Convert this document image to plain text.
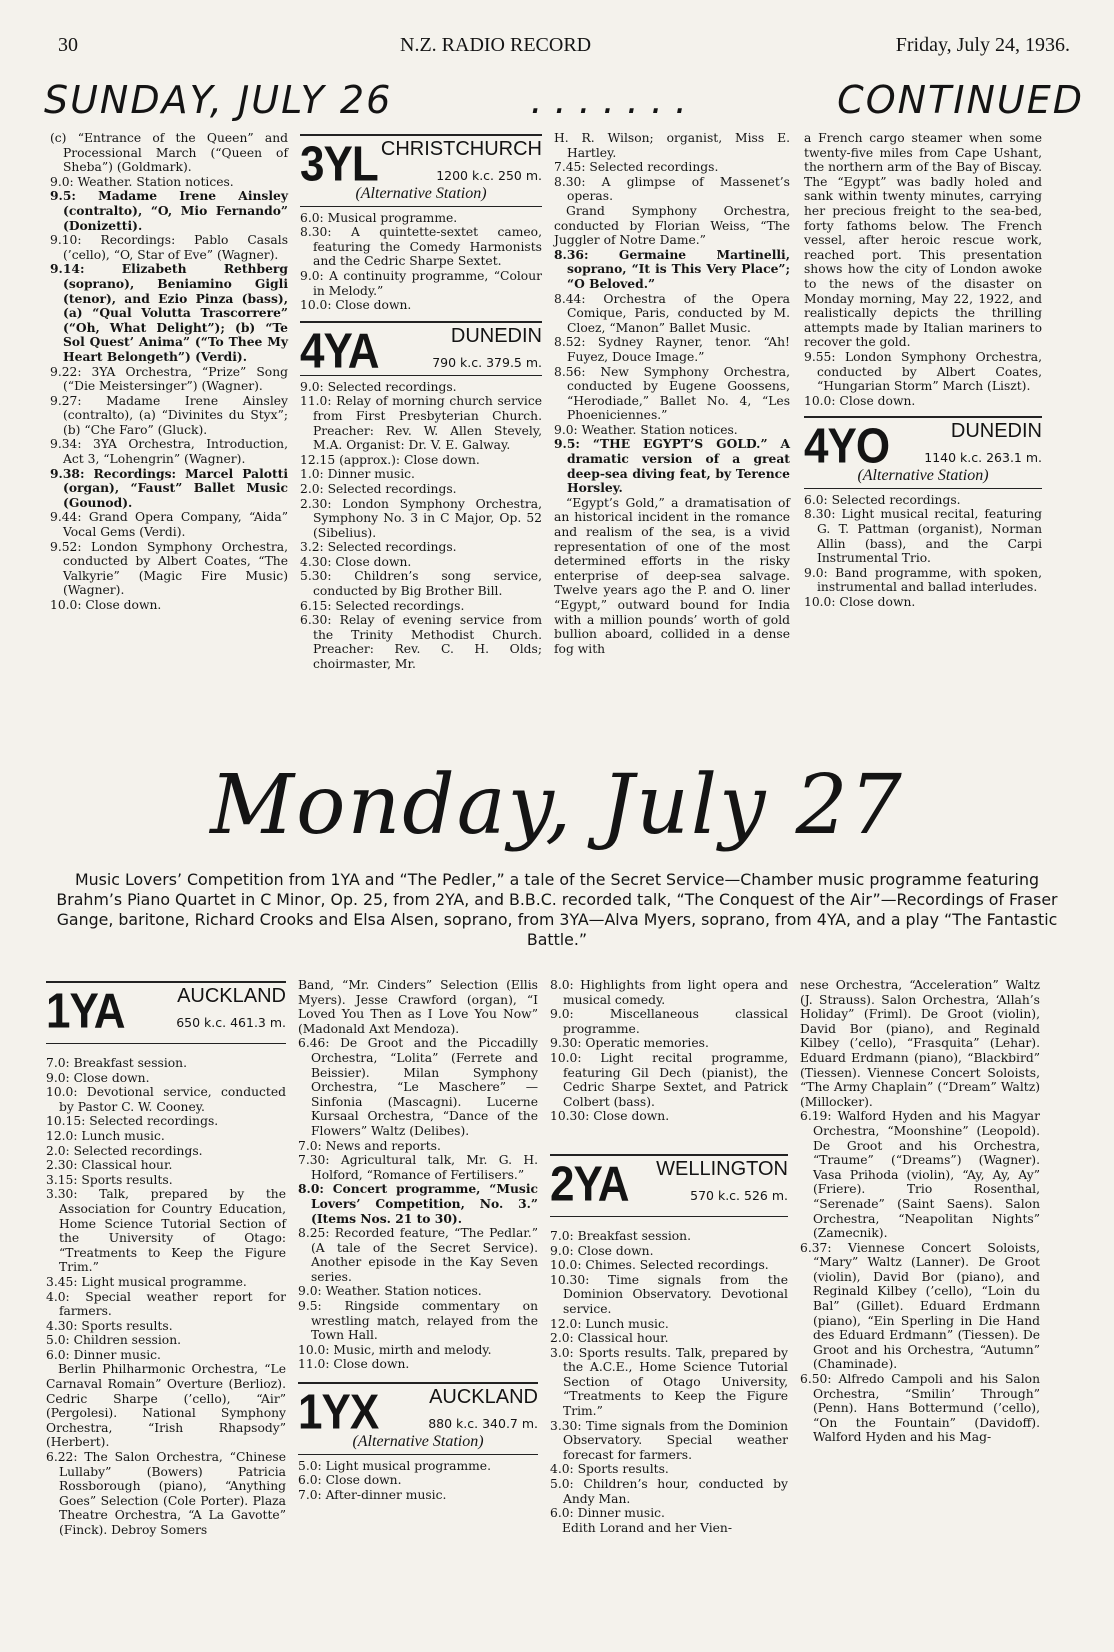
30	N.Z. RADIO RECORD	Friday, July 24, 1936.
SUNDAY, JULY 26	.......	CONTINUED

(c) “Entrance of the Queen” and Processional March (“Queen of Sheba”) (Goldmark).

9.0: Weather. Station notices.

9.5: Madame Irene Ainsley (contralto), “O, Mio Fernando” (Donizetti).

9.10: Recordings: Pablo Casals (’cello), “O, Star of Eve” (Wagner).

9.14: Elizabeth Rethberg (soprano), Beniamino Gigli (tenor), and Ezio Pinza (bass), (a) “Qual Volutta Trascorrere” (“Oh, What Delight”); (b) “Te Sol Quest’ Anima” (“To Thee My Heart Belongeth”) (Verdi).

9.22: 3YA Orchestra, “Prize” Song (“Die Meistersinger”) (Wagner).

9.27: Madame Irene Ainsley (contralto), (a) “Divinites du Styx”; (b) “Che Faro” (Gluck).

9.34: 3YA Orchestra, Introduction, Act 3, “Lohengrin” (Wagner).

9.38: Recordings: Marcel Palotti (organ), “Faust” Ballet Music (Gounod).

9.44: Grand Opera Company, “Aida” Vocal Gems (Verdi).

9.52: London Symphony Orchestra, conducted by Albert Coates, “The Valkyrie” (Magic Fire Music) (Wagner).

10.0: Close down.

3YL CHRISTCHURCH
1200 k.c. 250 m.
(Alternative Station)

6.0: Musical programme.

8.30: A quintette-sextet cameo, featuring the Comedy Harmonists and the Cedric Sharpe Sextet.

9.0: A continuity programme, “Colour in Melody.”

10.0: Close down.

4YA	DUNEDIN
790 k.c. 379.5 m.

9.0: Selected recordings.

11.0: Relay of morning church service from First Presbyterian Church. Preacher: Rev. W. Allen Stevely, M.A. Organist: Dr. V. E. Galway.

12.15 (approx.): Close down.

1.0: Dinner music.

2.0: Selected recordings.

2.30: London Symphony Orchestra, Symphony No. 3 in C Major, Op. 52 (Sibelius).

3.2: Selected recordings.

4.30: Close down.

5.30: Children’s song service, conducted by Big Brother Bill.

6.15: Selected recordings.

6.30: Relay of evening service from the Trinity Methodist Church. Preacher: Rev. C. H. Olds; choirmaster, Mr.

H. R. Wilson; organist, Miss E. Hartley.

7.45: Selected recordings.

8.30: A glimpse of Massenet’s operas.

Grand Symphony Orchestra, conducted by Florian Weiss, “The Juggler of Notre Dame.”

8.36: Germaine Martinelli, soprano, “It is This Very Place”; “O Beloved.”

8.44: Orchestra of the Opera Comique, Paris, conducted by M. Cloez, “Manon” Ballet Music.

8.52: Sydney Rayner, tenor. “Ah! Fuyez, Douce Image.”

8.56: New Symphony Orchestra, conducted by Eugene Goossens, “Herodiade,” Ballet No. 4, “Les Phoeniciennes.”

9.0: Weather. Station notices.

9.5: “THE EGYPT’S GOLD.” A dramatic version of a great deep-sea diving feat, by Terence Horsley.

“Egypt’s Gold,” a dramatisation of an historical incident in the romance and realism of the sea, is a vivid representation of one of the most determined efforts in the risky enterprise of deep-sea salvage. Twelve years ago the P. and O. liner “Egypt,” outward bound for India with a million pounds’ worth of gold bullion aboard, collided in a dense fog with

a French cargo steamer when some twenty-five miles from Cape Ushant, the northern arm of the Bay of Biscay. The “Egypt” was badly holed and sank within twenty minutes, carrying her precious freight to the sea-bed, forty fathoms below. The French vessel, after heroic rescue work, reached port. This presentation shows how the city of London awoke to the news of the disaster on Monday morning, May 22, 1922, and realistically depicts the thrilling attempts made by Italian mariners to recover the gold.

9.55: London Symphony Orchestra, conducted by Albert Coates, “Hungarian Storm” March (Liszt).

10.0: Close down.

4YO	DUNEDIN
1140 k.c. 263.1 m.
(Alternative Station)

6.0: Selected recordings.

8.30: Light musical recital, featuring G. T. Pattman (organist), Norman Allin (bass), and the Carpi Instrumental Trio.

9.0: Band programme, with spoken, instrumental and ballad interludes.

10.0: Close down.

Monday, July 27
Music Lovers’ Competition from 1YA and “The Pedler,” a tale of the Secret Service—Chamber music programme featuring Brahm’s Piano Quartet in C Minor, Op. 25, from 2YA, and B.B.C. recorded talk, “The Conquest of the Air”—Recordings of Fraser Gange, baritone, Richard Crooks and Elsa Alsen, soprano, from 3YA—Alva Myers, soprano, from 4YA, and a play “The Fantastic Battle.”
1YA	AUCKLAND
650 k.c. 461.3 m.

7.0: Breakfast session.

9.0: Close down.

10.0: Devotional service, conducted by Pastor C. W. Cooney.

10.15: Selected recordings.

12.0: Lunch music.

2.0: Selected recordings.

2.30: Classical hour.

3.15: Sports results.

3.30: Talk, prepared by the Association for Country Education, Home Science Tutorial Section of the University of Otago: “Treatments to Keep the Figure Trim.”

3.45: Light musical programme.

4.0: Special weather report for farmers.

4.30: Sports results.

5.0: Children session.

6.0: Dinner music.

Berlin Philharmonic Orchestra, “Le Carnaval Romain” Overture (Berlioz). Cedric Sharpe (’cello), “Air” (Pergolesi). National Symphony Orchestra, “Irish Rhapsody” (Herbert).

6.22: The Salon Orchestra, “Chinese Lullaby” (Bowers) Patricia Rossborough (piano), “Anything Goes” Selection (Cole Porter). Plaza Theatre Orchestra, “A La Gavotte” (Finck). Debroy Somers

Band, “Mr. Cinders” Selection (Ellis Myers). Jesse Crawford (organ), “I Loved You Then as I Love You Now” (Madonald Axt Mendoza).

6.46: De Groot and the Piccadilly Orchestra, “Lolita” (Ferrete and Beissier). Milan Symphony Orchestra, “Le Maschere” — Sinfonia (Mascagni). Lucerne Kursaal Orchestra, “Dance of the Flowers” Waltz (Delibes).

7.0: News and reports.

7.30: Agricultural talk, Mr. G. H. Holford, “Romance of Fertilisers.”

8.0: Concert programme, “Music Lovers’ Competition, No. 3.” (Items Nos. 21 to 30).

8.25: Recorded feature, “The Pedlar.” (A tale of the Secret Service). Another episode in the Kay Seven series.

9.0: Weather. Station notices.

9.5: Ringside commentary on wrestling match, relayed from the Town Hall.

10.0: Music, mirth and melody.

11.0: Close down.

1YX	AUCKLAND
880 k.c. 340.7 m.
(Alternative Station)

5.0: Light musical programme.

6.0: Close down.

7.0: After-dinner music.

8.0: Highlights from light opera and musical comedy.

9.0: Miscellaneous classical programme.

9.30: Operatic memories.

10.0: Light recital programme, featuring Gil Dech (pianist), the Cedric Sharpe Sextet, and Patrick Colbert (bass).

10.30: Close down.

2YA WELLINGTON
570 k.c. 526 m.

7.0: Breakfast session.

9.0: Close down.

10.0: Chimes. Selected recordings.

10.30: Time signals from the Dominion Observatory. Devotional service.

12.0: Lunch music.

2.0: Classical hour.

3.0: Sports results. Talk, prepared by the A.C.E., Home Science Tutorial Section of Otago University, “Treatments to Keep the Figure Trim.”

3.30: Time signals from the Dominion Observatory. Special weather forecast for farmers.

4.0: Sports results.

5.0: Children’s hour, conducted by Andy Man.

6.0: Dinner music.

Edith Lorand and her Vien-

nese Orchestra, “Acceleration” Waltz (J. Strauss). Salon Orchestra, ‘Allah’s Holiday” (Friml). De Groot (violin), David Bor (piano), and Reginald Kilbey (’cello), “Frasquita” (Lehar). Eduard Erdmann (piano), “Blackbird” (Tiessen). Viennese Concert Soloists, “The Army Chaplain” (“Dream” Waltz) (Millocker).

6.19: Walford Hyden and his Magyar Orchestra, “Moonshine” (Leopold). De Groot and his Orchestra, “Traume” (“Dreams”) (Wagner). Vasa Prihoda (violin), “Ay, Ay, Ay” (Friere). Trio Rosenthal, “Serenade” (Saint Saens). Salon Orchestra, “Neapolitan Nights” (Zamecnik).

6.37: Viennese Concert Soloists, “Mary” Waltz (Lanner). De Groot (violin), David Bor (piano), and Reginald Kilbey (’cello), “Loin du Bal” (Gillet). Eduard Erdmann (piano), “Ein Sperling in Die Hand des Eduard Erdmann” (Tiessen). De Groot and his Orchestra, “Autumn” (Chaminade).

6.50: Alfredo Campoli and his Salon Orchestra, “Smilin’ Through” (Penn). Hans Bottermund (’cello), “On the Fountain” (Davidoff). Walford Hyden and his Mag-
